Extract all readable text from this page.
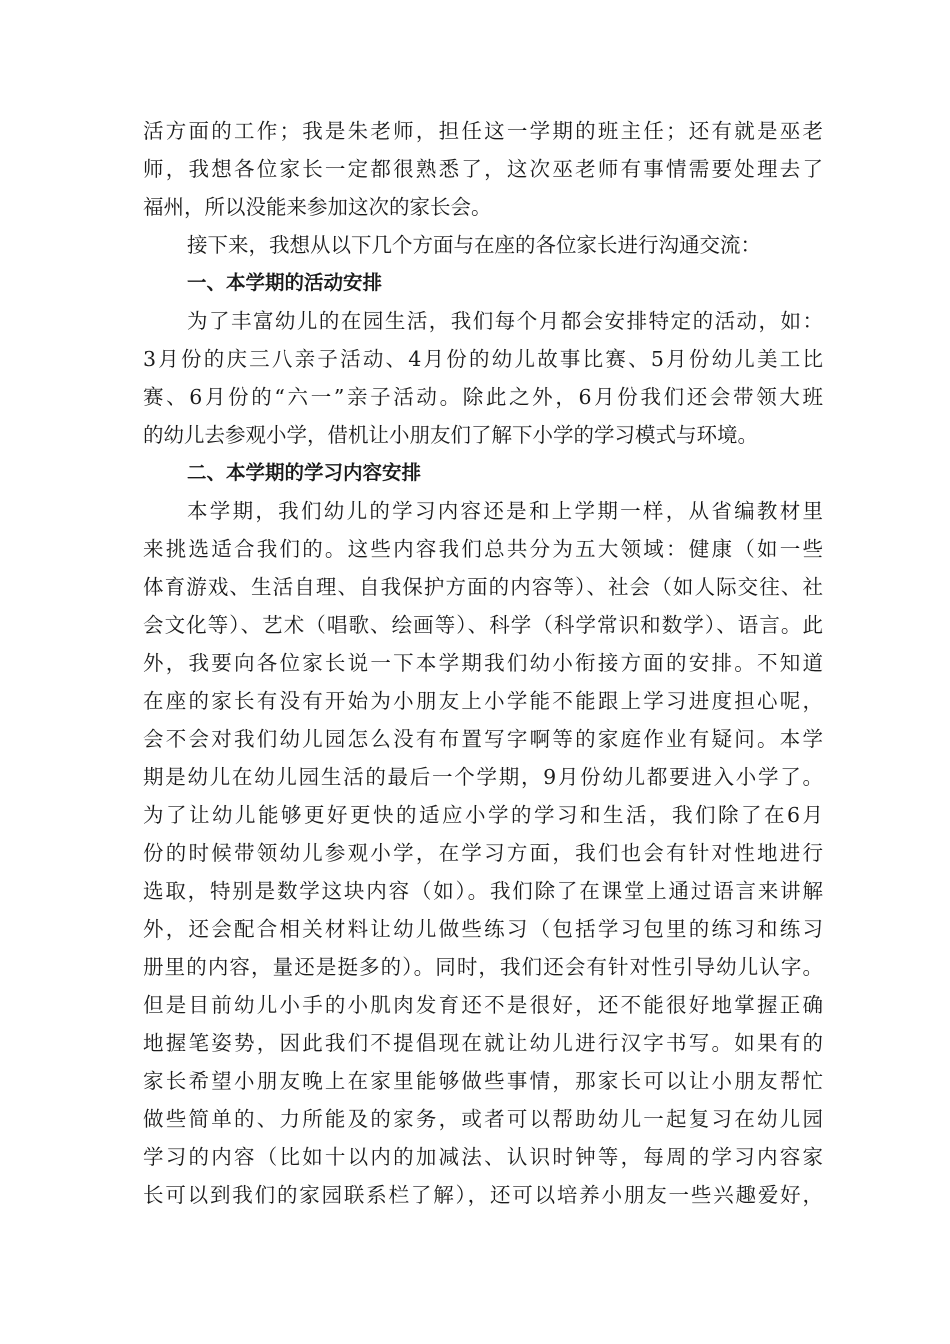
活方面的工作；我是朱老师，担任这一学期的班主任；还有就是巫老
师，我想各位家长一定都很熟悉了，这次巫老师有事情需要处理去了
福州，所以没能来参加这次的家长会。
接下来，我想从以下几个方面与在座的各位家长进行沟通交流：
一、本学期的活动安排
为了丰富幼儿的在园生活，我们每个月都会安排特定的活动，如：
3月份的庆三八亲子活动、4月份的幼儿故事比赛、5月份幼儿美工比
赛、6月份的“六一”亲子活动。除此之外，6月份我们还会带领大班
的幼儿去参观小学，借机让小朋友们了解下小学的学习模式与环境。
二、本学期的学习内容安排
本学期，我们幼儿的学习内容还是和上学期一样，从省编教材里
来挑选适合我们的。这些内容我们总共分为五大领域：健康（如一些
体育游戏、生活自理、自我保护方面的内容等）、社会（如人际交往、社
会文化等）、艺术（唱歌、绘画等）、科学（科学常识和数学）、语言。此
外，我要向各位家长说一下本学期我们幼小衔接方面的安排。不知道
在座的家长有没有开始为小朋友上小学能不能跟上学习进度担心呢，
会不会对我们幼儿园怎么没有布置写字啊等的家庭作业有疑问。本学
期是幼儿在幼儿园生活的最后一个学期，9月份幼儿都要进入小学了。
为了让幼儿能够更好更快的适应小学的学习和生活，我们除了在6月
份的时候带领幼儿参观小学，在学习方面，我们也会有针对性地进行
选取，特别是数学这块内容（如）。我们除了在课堂上通过语言来讲解
外，还会配合相关材料让幼儿做些练习（包括学习包里的练习和练习
册里的内容，量还是挺多的）。同时，我们还会有针对性引导幼儿认字。
但是目前幼儿小手的小肌肉发育还不是很好，还不能很好地掌握正确
地握笔姿势，因此我们不提倡现在就让幼儿进行汉字书写。如果有的
家长希望小朋友晚上在家里能够做些事情，那家长可以让小朋友帮忙
做些简单的、力所能及的家务，或者可以帮助幼儿一起复习在幼儿园
学习的内容（比如十以内的加减法、认识时钟等，每周的学习内容家
长可以到我们的家园联系栏了解），还可以培养小朋友一些兴趣爱好，
